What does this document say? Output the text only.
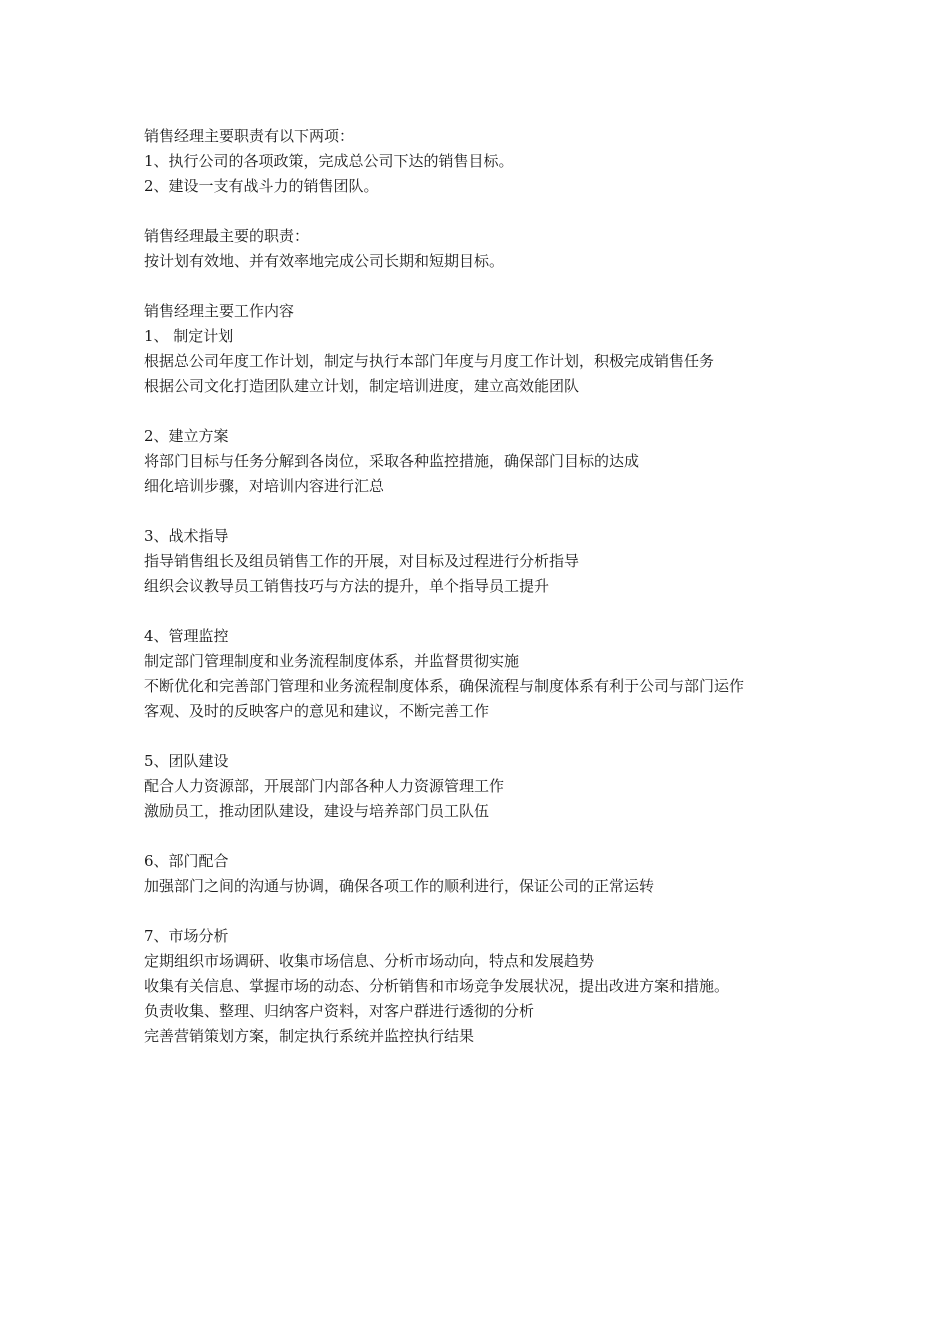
销售经理主要职责有以下两项：
1、执行公司的各项政策，完成总公司下达的销售目标。
2、建设一支有战斗力的销售团队。
销售经理最主要的职责：
按计划有效地、并有效率地完成公司长期和短期目标。
销售经理主要工作内容
1、 制定计划
根据总公司年度工作计划，制定与执行本部门年度与月度工作计划，积极完成销售任务
根据公司文化打造团队建立计划，制定培训进度，建立高效能团队
2、建立方案
将部门目标与任务分解到各岗位，采取各种监控措施，确保部门目标的达成
细化培训步骤，对培训内容进行汇总
3、战术指导
指导销售组长及组员销售工作的开展，对目标及过程进行分析指导
组织会议教导员工销售技巧与方法的提升，单个指导员工提升
4、管理监控
制定部门管理制度和业务流程制度体系，并监督贯彻实施
不断优化和完善部门管理和业务流程制度体系，确保流程与制度体系有利于公司与部门运作
客观、及时的反映客户的意见和建议，不断完善工作
5、团队建设
配合人力资源部，开展部门内部各种人力资源管理工作
激励员工，推动团队建设，建设与培养部门员工队伍
6、部门配合
加强部门之间的沟通与协调，确保各项工作的顺利进行，保证公司的正常运转
7、市场分析
定期组织市场调研、收集市场信息、分析市场动向，特点和发展趋势
收集有关信息、掌握市场的动态、分析销售和市场竞争发展状况，提出改进方案和措施。
负责收集、整理、归纳客户资料，对客户群进行透彻的分析
完善营销策划方案，制定执行系统并监控执行结果
